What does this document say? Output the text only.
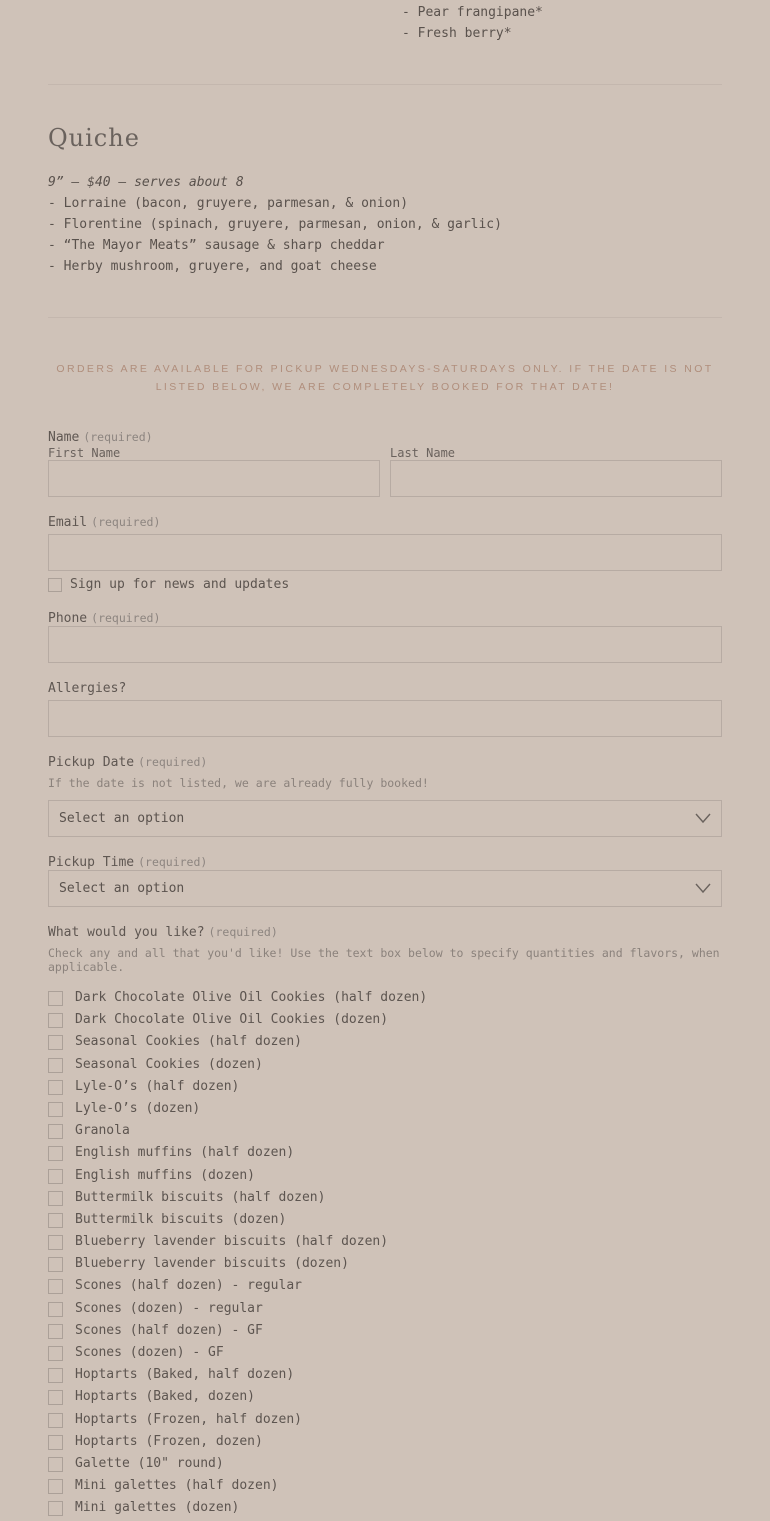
- Pear frangipane*
- Fresh berry*
Quiche
9” — $40 — serves about 8
- Lorraine (bacon, gruyere, parmesan, & onion)
- Florentine (spinach, gruyere, parmesan, onion, & garlic)
- “The Mayor Meats” sausage & sharp cheddar
- Herby mushroom, gruyere, and goat cheese
ORDERS ARE AVAILABLE FOR PICKUP WEDNESDAYS-SATURDAYS ONLY. IF THE DATE IS NOT LISTED BELOW, WE ARE COMPLETELY BOOKED FOR THAT DATE!
Name (required)
First Name	Last Name
Email (required)
Sign up for news and updates
Phone (required)
Allergies?
Pickup Date (required)
If the date is not listed, we are already fully booked!
Select an option
Pickup Time (required)
Select an option
What would you like? (required)
Check any and all that you'd like! Use the text box below to specify quantities and flavors, when applicable.
Dark Chocolate Olive Oil Cookies (half dozen)
Dark Chocolate Olive Oil Cookies (dozen)
Seasonal Cookies (half dozen)
Seasonal Cookies (dozen)
Lyle-O’s (half dozen)
Lyle-O’s (dozen)
Granola
English muffins (half dozen)
English muffins (dozen)
Buttermilk biscuits (half dozen)
Buttermilk biscuits (dozen)
Blueberry lavender biscuits (half dozen)
Blueberry lavender biscuits (dozen)
Scones (half dozen) - regular
Scones (dozen) - regular
Scones (half dozen) - GF
Scones (dozen) - GF
Hoptarts (Baked, half dozen)
Hoptarts (Baked, dozen)
Hoptarts (Frozen, half dozen)
Hoptarts (Frozen, dozen)
Galette (10" round)
Mini galettes (half dozen)
Mini galettes (dozen)
